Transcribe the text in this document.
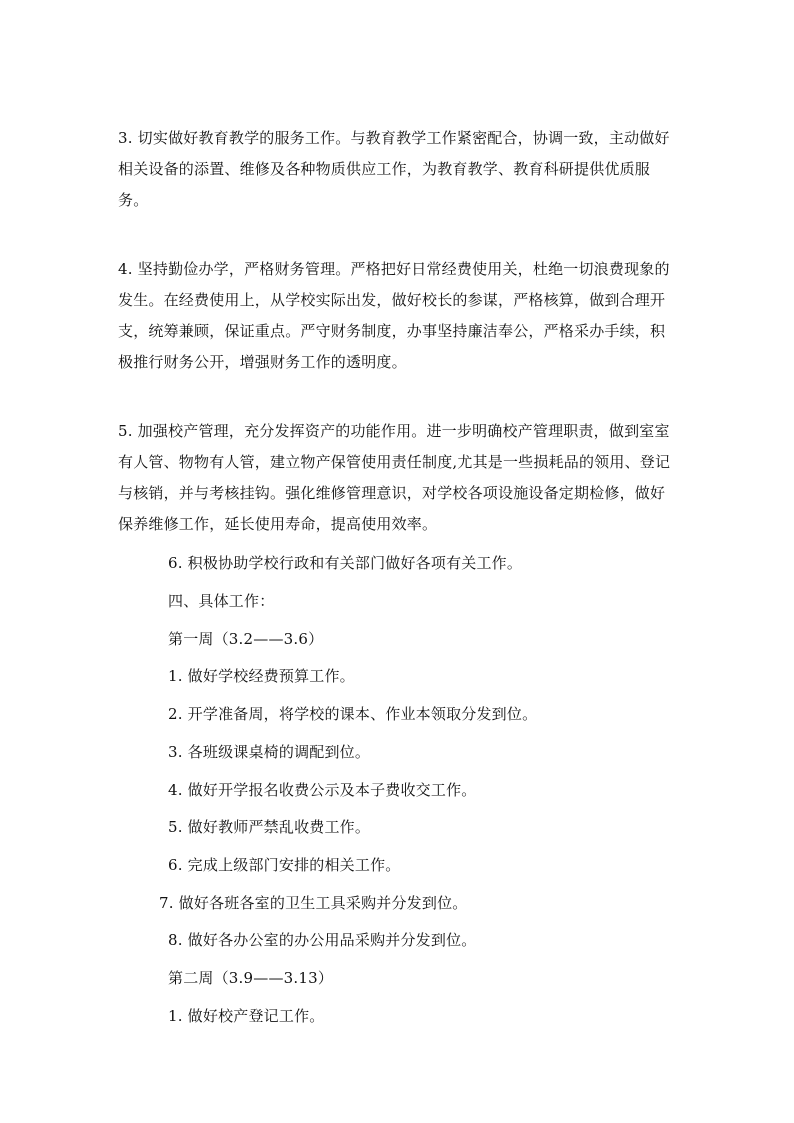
3. 切实做好教育教学的服务工作。与教育教学工作紧密配合，协调一致，主动做好相关设备的添置、维修及各种物质供应工作，为教育教学、教育科研提供优质服务。

4. 坚持勤俭办学，严格财务管理。严格把好日常经费使用关，杜绝一切浪费现象的发生。在经费使用上，从学校实际出发，做好校长的参谋，严格核算，做到合理开支，统筹兼顾，保证重点。严守财务制度，办事坚持廉洁奉公，严格采办手续，积极推行财务公开，增强财务工作的透明度。

5. 加强校产管理，充分发挥资产的功能作用。进一步明确校产管理职责，做到室室有人管、物物有人管，建立物产保管使用责任制度,尤其是一些损耗品的领用、登记与核销，并与考核挂钩。强化维修管理意识，对学校各项设施设备定期检修，做好保养维修工作，延长使用寿命，提高使用效率。

6. 积极协助学校行政和有关部门做好各项有关工作。

四、具体工作：

第一周（3.2——3.6）

1. 做好学校经费预算工作。

2. 开学准备周，将学校的课本、作业本领取分发到位。

3. 各班级课桌椅的调配到位。

4. 做好开学报名收费公示及本子费收交工作。

5. 做好教师严禁乱收费工作。

6. 完成上级部门安排的相关工作。

7. 做好各班各室的卫生工具采购并分发到位。

8. 做好各办公室的办公用品采购并分发到位。

第二周（3.9——3.13）

1. 做好校产登记工作。
